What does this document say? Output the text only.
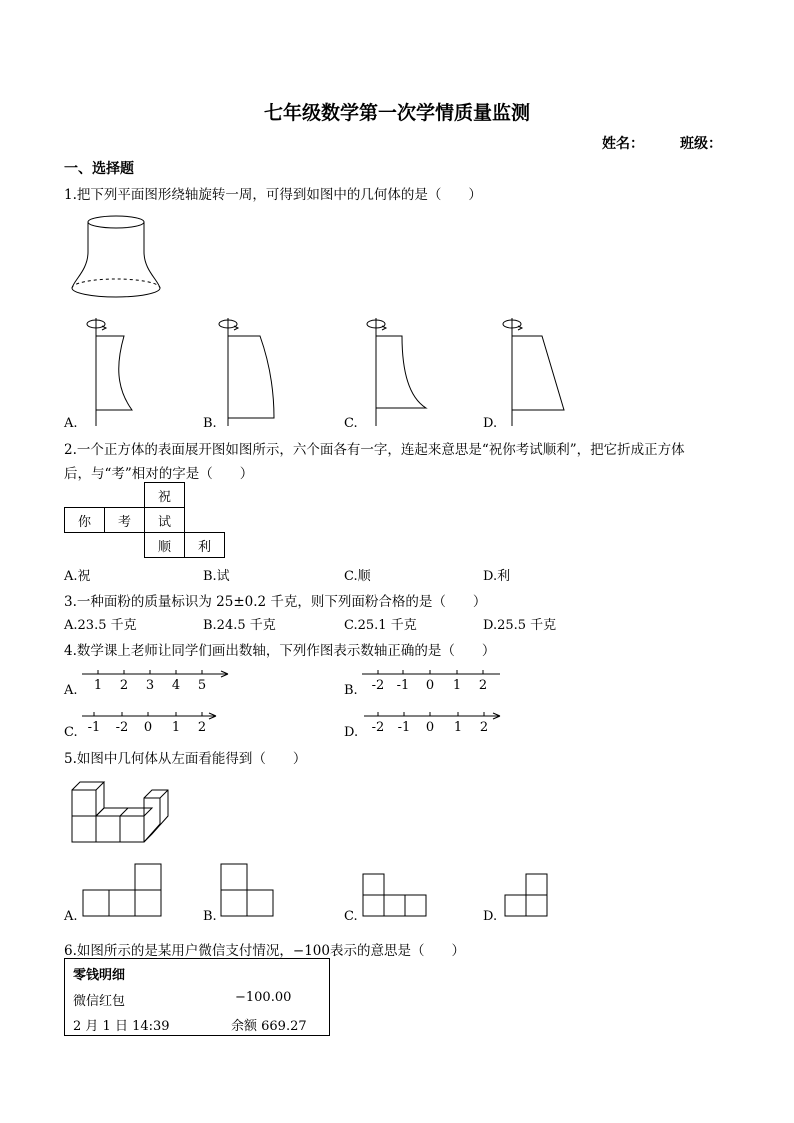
七年级数学第一次学情质量监测
姓名：	班级：
一、选择题
1.把下列平面图形绕轴旋转一周，可得到如图中的几何体的是（　　）
A.	B.	C.	D.
2.一个正方体的表面展开图如图所示，六个面各有一字，连起来意思是“祝你考试顺利”，把它折成正方体
后，与“考”相对的字是（　　）
		祝	
你	考	试	
		顺	利
A.祝	B.试	C.顺	D.利
3.一种面粉的质量标识为 25±0.2 千克，则下列面粉合格的是（　　）
A.23.5 千克	B.24.5 千克	C.25.1 千克	D.25.5 千克
4.数学课上老师让同学们画出数轴，下列作图表示数轴正确的是（　　）
A. 1 2 3 4 5	B. -2 -1 0 1 2
C. -1 -2 0 1 2	D. -2 -1 0 1 2
5.如图中几何体从左面看能得到（　　）
A.	B.	C.	D.
6.如图所示的是某用户微信支付情况，−100表示的意思是（　　）
零钱明细
微信红包	−100.00
2 月 1 日 14:39	余额 669.27
